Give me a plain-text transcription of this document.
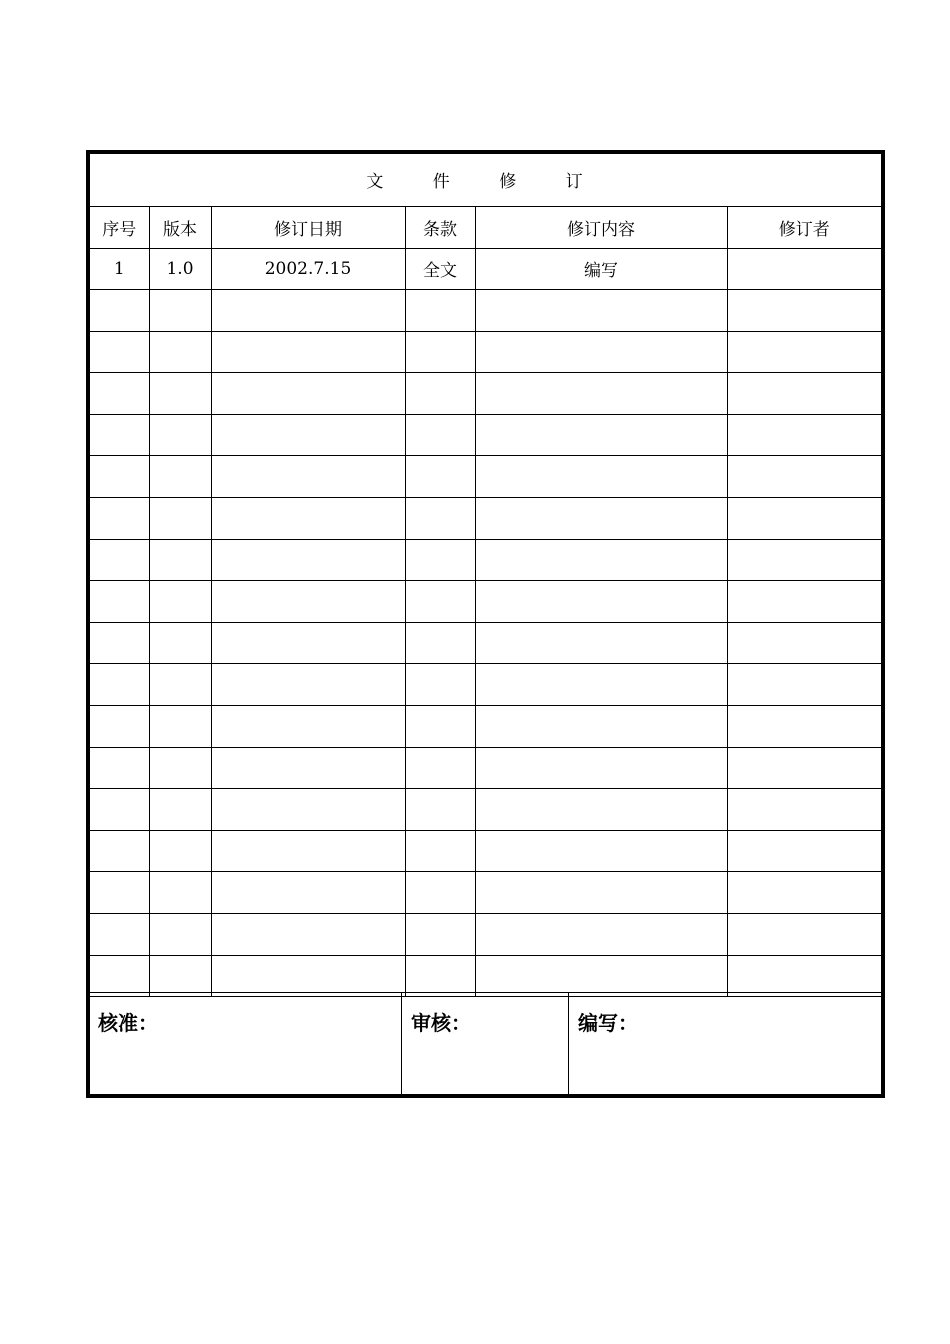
文 件 修 订					
序号	版本	修订日期	条款	修订内容	修订者
1	1.0	2002.7.15	全文	编写	

核准：	审核：	编写：
